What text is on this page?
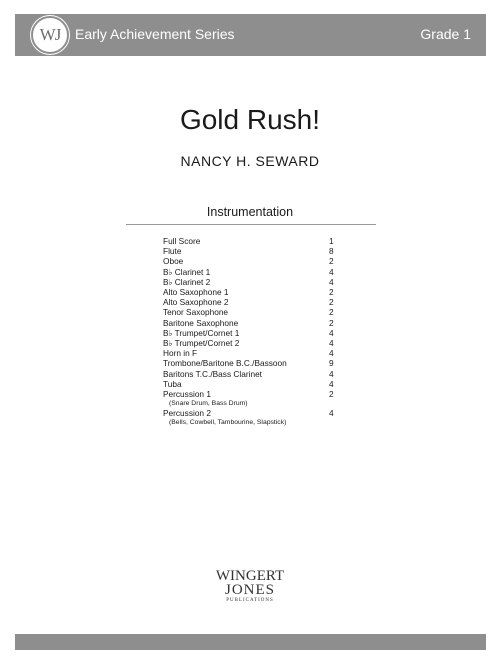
WJ	Early Achievement Series	Grade 1
Gold Rush!
NANCY H. SEWARD
Instrumentation
Full Score	1
Flute	8
Oboe	2
B♭ Clarinet 1	4
B♭ Clarinet 2	4
Alto Saxophone 1	2
Alto Saxophone 2	2
Tenor Saxophone	2
Baritone Saxophone	2
B♭ Trumpet/Cornet 1	4
B♭ Trumpet/Cornet 2	4
Horn in F	4
Trombone/Baritone B.C./Bassoon	9
Baritons T.C./Bass Clarinet	4
Tuba	4
Percussion 1	2
(Snare Drum, Bass Drum)
Percussion 2	4
(Bells, Cowbell, Tambourine, Slapstick)
WINGERT
JONES
PUBLICATIONS
